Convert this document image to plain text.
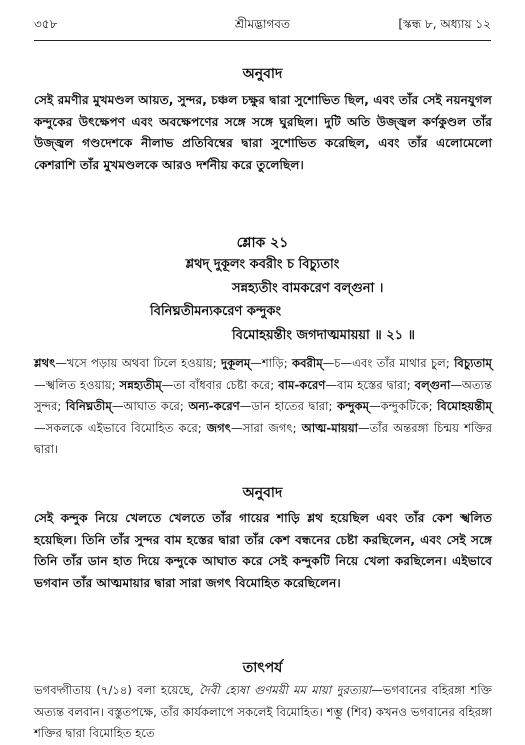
৩৫৮	শ্রীমদ্ভাগবত	[স্কন্ধ ৮, অধ্যায় ১২
অনুবাদ

সেই রমণীর মুখমণ্ডল আয়ত, সুন্দর, চঞ্চল চক্ষুর দ্বারা সুশোভিত ছিল, এবং তাঁর সেই নয়নযুগল কন্দুকের উৎক্ষেপণ এবং অবক্ষেপণের সঙ্গে সঙ্গে ঘুরছিল। দুটি অতি উজ্জ্বল কর্ণকুণ্ডল তাঁর উজ্জ্বল গণ্ডদেশকে নীলাভ প্রতিবিম্বের দ্বারা সুশোভিত করেছিল, এবং তাঁর এলোমেলো কেশরাশি তাঁর মুখমণ্ডলকে আরও দর্শনীয় করে তুলেছিল।

শ্লোক ২১
শ্লথদ্ দুকূলং কবরীং চ বিচ্যুতাং
সন্নহ্যতীং বামকরেণ বল্গুনা ।
বিনিঘ্নতীমন্যকরেণ কন্দুকং
বিমোহয়ন্তীং জগদাত্মমায়য়া ॥ ২১ ॥

শ্লথৎ—খসে পড়ায় অথবা ঢিলে হওয়ায়; দুকূলম্—শাড়ি; কবরীম্—চ—এবং তাঁর মাথার চুল; বিচ্যুতাম্—স্খলিত হওয়ায়; সন্নহ্যতীম্—তা বাঁধবার চেষ্টা করে; বাম-করেণ—বাম হস্তের দ্বারা; বল্গুনা—অত্যন্ত সুন্দর; বিনিঘ্নতীম্—আঘাত করে; অন্য-করেণ—ডান হাতের দ্বারা; কন্দুকম্—কন্দুকটিকে; বিমোহয়ন্তীম্—সকলকে এইভাবে বিমোহিত করে; জগৎ—সারা জগৎ; আত্ম-মায়য়া—তাঁর অন্তরঙ্গা চিন্ময় শক্তির দ্বারা।

অনুবাদ

সেই কন্দুক নিয়ে খেলতে খেলতে তাঁর গায়ের শাড়ি শ্লথ হয়েছিল এবং তাঁর কেশ স্খলিত হয়েছিল। তিনি তাঁর সুন্দর বাম হস্তের দ্বারা তাঁর কেশ বন্ধনের চেষ্টা করছিলেন, এবং সেই সঙ্গে তিনি তাঁর ডান হাত দিয়ে কন্দুকে আঘাত করে সেই কন্দুকটি নিয়ে খেলা করছিলেন। এইভাবে ভগবান তাঁর আত্মমায়ার দ্বারা সারা জগৎ বিমোহিত করেছিলেন।

তাৎপর্য

ভগবদ্গীতায় (৭/১৪) বলা হয়েছে, দৈবী হ্যেষা গুণময়ী মম মায়া দুরত্যয়া—ভগবানের বহিরঙ্গা শক্তি অত্যন্ত বলবান। বস্তুতপক্ষে, তাঁর কার্যকলাপে সকলেই বিমোহিত। শম্ভু (শিব) কখনও ভগবানের বহিরঙ্গা শক্তির দ্বারা বিমোহিত হতে
